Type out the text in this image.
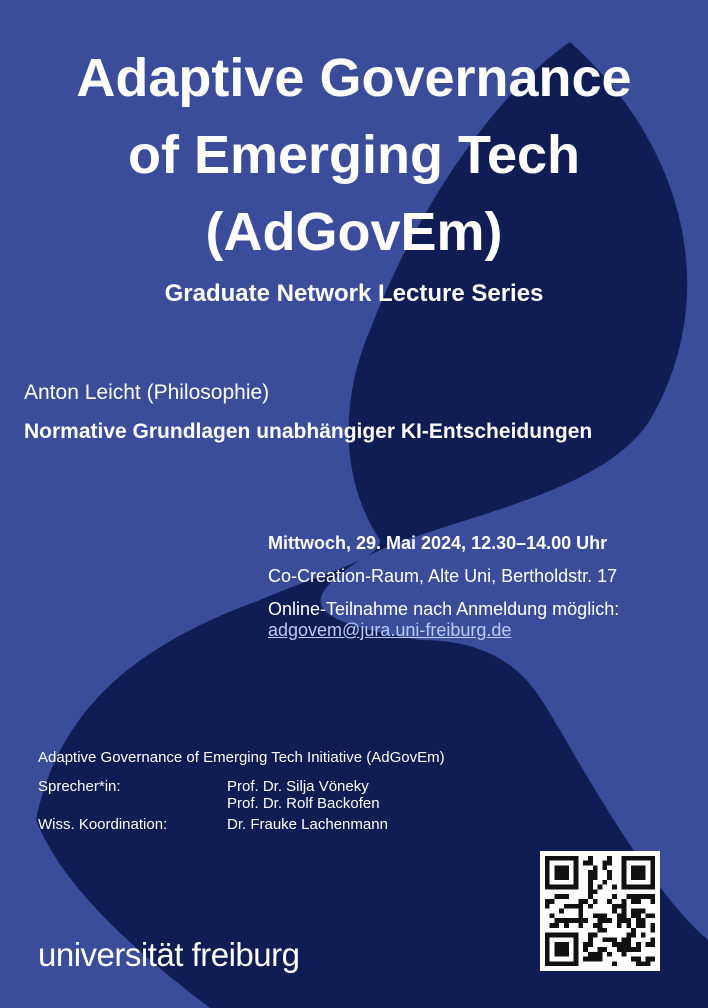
Adaptive Governance
of Emerging Tech
(AdGovEm)

Graduate Network Lecture Series

Anton Leicht (Philosophie)

Normative Grundlagen unabhängiger KI-Entscheidungen

Mittwoch, 29. Mai 2024, 12.30–14.00 Uhr

Co-Creation-Raum, Alte Uni, Bertholdstr. 17

Online-Teilnahme nach Anmeldung möglich:

adgovem@jura.uni-freiburg.de

Adaptive Governance of Emerging Tech Initiative (AdGovEm)

Sprecher*in:	Prof. Dr. Silja Vöneky
Prof. Dr. Rolf Backofen
Wiss. Koordination:	Dr. Frauke Lachenmann

universität freiburg
